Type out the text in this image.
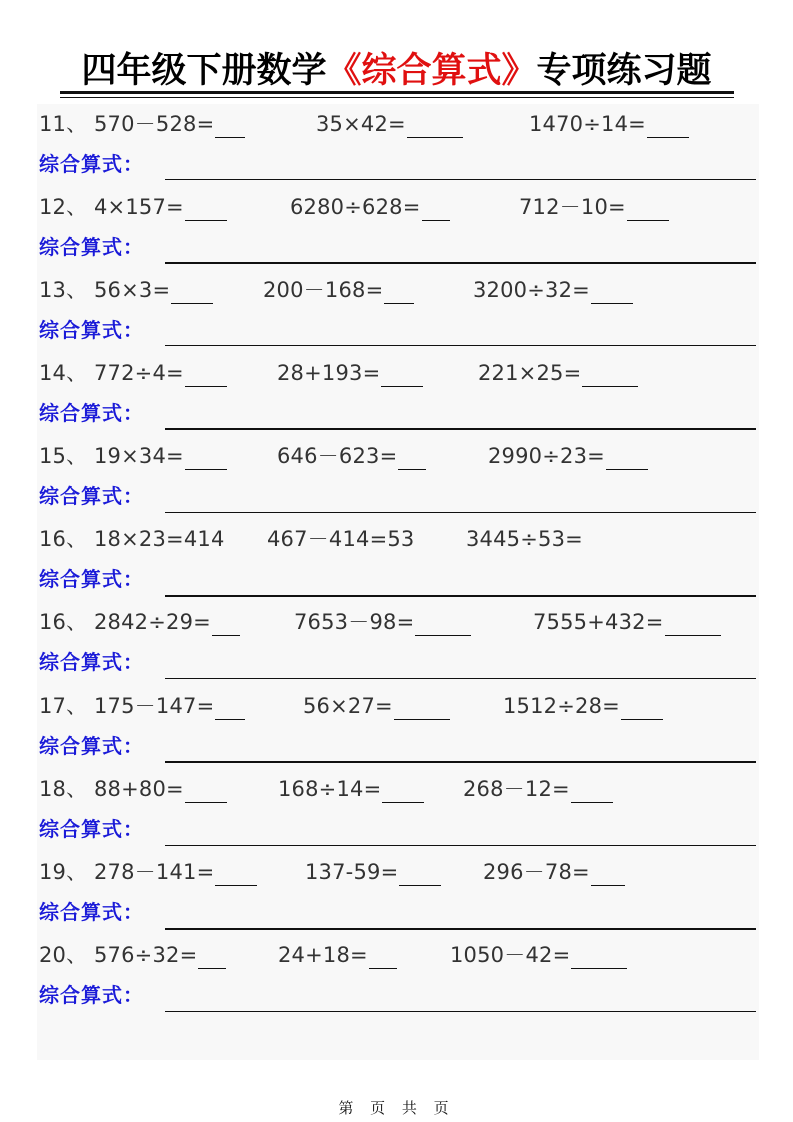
四年级下册数学《综合算式》专项练习题
11、 570－528=	35×42=	1470÷14=
综合算式：
12、 4×157=	6280÷628=	712－10=
综合算式：
13、 56×3=	200－168=	3200÷32=
综合算式：
14、 772÷4=	28+193=	221×25=
综合算式：
15、 19×34=	646－623=	2990÷23=
综合算式：
16、 18×23=414 467－414=53 3445÷53=
综合算式：
16、 2842÷29=	7653－98=	7555+432=
综合算式：
17、 175－147=	56×27=	1512÷28=
综合算式：
18、 88+80=	168÷14=	268－12=
综合算式：
19、 278－141=	137-59=	296－78=
综合算式：
20、 576÷32=	24+18=	1050－42=
综合算式：
第 页 共 页
